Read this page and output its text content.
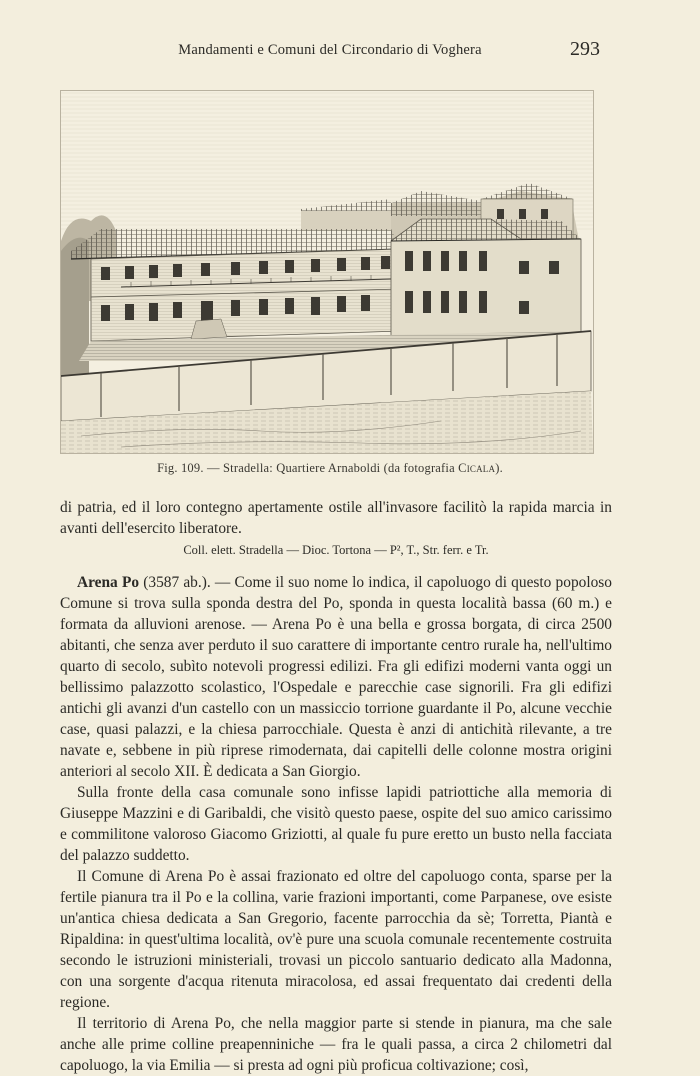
Mandamenti e Comuni del Circondario di Voghera	293
Fig. 109. — Stradella: Quartiere Arnaboldi (da fotografia Cicala).

di patria, ed il loro contegno apertamente ostile all'invasore facilitò la rapida marcia in avanti dell'esercito liberatore.

Coll. elett. Stradella — Dioc. Tortona — P², T., Str. ferr. e Tr.

Arena Po (3587 ab.). — Come il suo nome lo indica, il capoluogo di questo popoloso Comune si trova sulla sponda destra del Po, sponda in questa località bassa (60 m.) e formata da alluvioni arenose. — Arena Po è una bella e grossa borgata, di circa 2500 abitanti, che senza aver perduto il suo carattere di importante centro rurale ha, nell'ultimo quarto di secolo, subìto notevoli progressi edilizi. Fra gli edifizi moderni vanta oggi un bellissimo palazzotto scolastico, l'Ospedale e parecchie case signorili. Fra gli edifizi antichi gli avanzi d'un castello con un massiccio torrione guardante il Po, alcune vecchie case, quasi palazzi, e la chiesa parrocchiale. Questa è anzi di antichità rilevante, a tre navate e, sebbene in più riprese rimodernata, dai capitelli delle colonne mostra origini anteriori al secolo XII. È dedicata a San Giorgio.

Sulla fronte della casa comunale sono infisse lapidi patriottiche alla memoria di Giuseppe Mazzini e di Garibaldi, che visitò questo paese, ospite del suo amico carissimo e commilitone valoroso Giacomo Griziotti, al quale fu pure eretto un busto nella facciata del palazzo suddetto.

Il Comune di Arena Po è assai frazionato ed oltre del capoluogo conta, sparse per la fertile pianura tra il Po e la collina, varie frazioni importanti, come Parpanese, ove esiste un'antica chiesa dedicata a San Gregorio, facente parrocchia da sè; Torretta, Piantà e Ripaldina: in quest'ultima località, ov'è pure una scuola comunale recentemente costruita secondo le istruzioni ministeriali, trovasi un piccolo santuario dedicato alla Madonna, con una sorgente d'acqua ritenuta miracolosa, ed assai frequentato dai credenti della regione.

Il territorio di Arena Po, che nella maggior parte si stende in pianura, ma che sale anche alle prime colline preapenniniche — fra le quali passa, a circa 2 chilometri dal capoluogo, la via Emilia — si presta ad ogni più proficua coltivazione; così,
